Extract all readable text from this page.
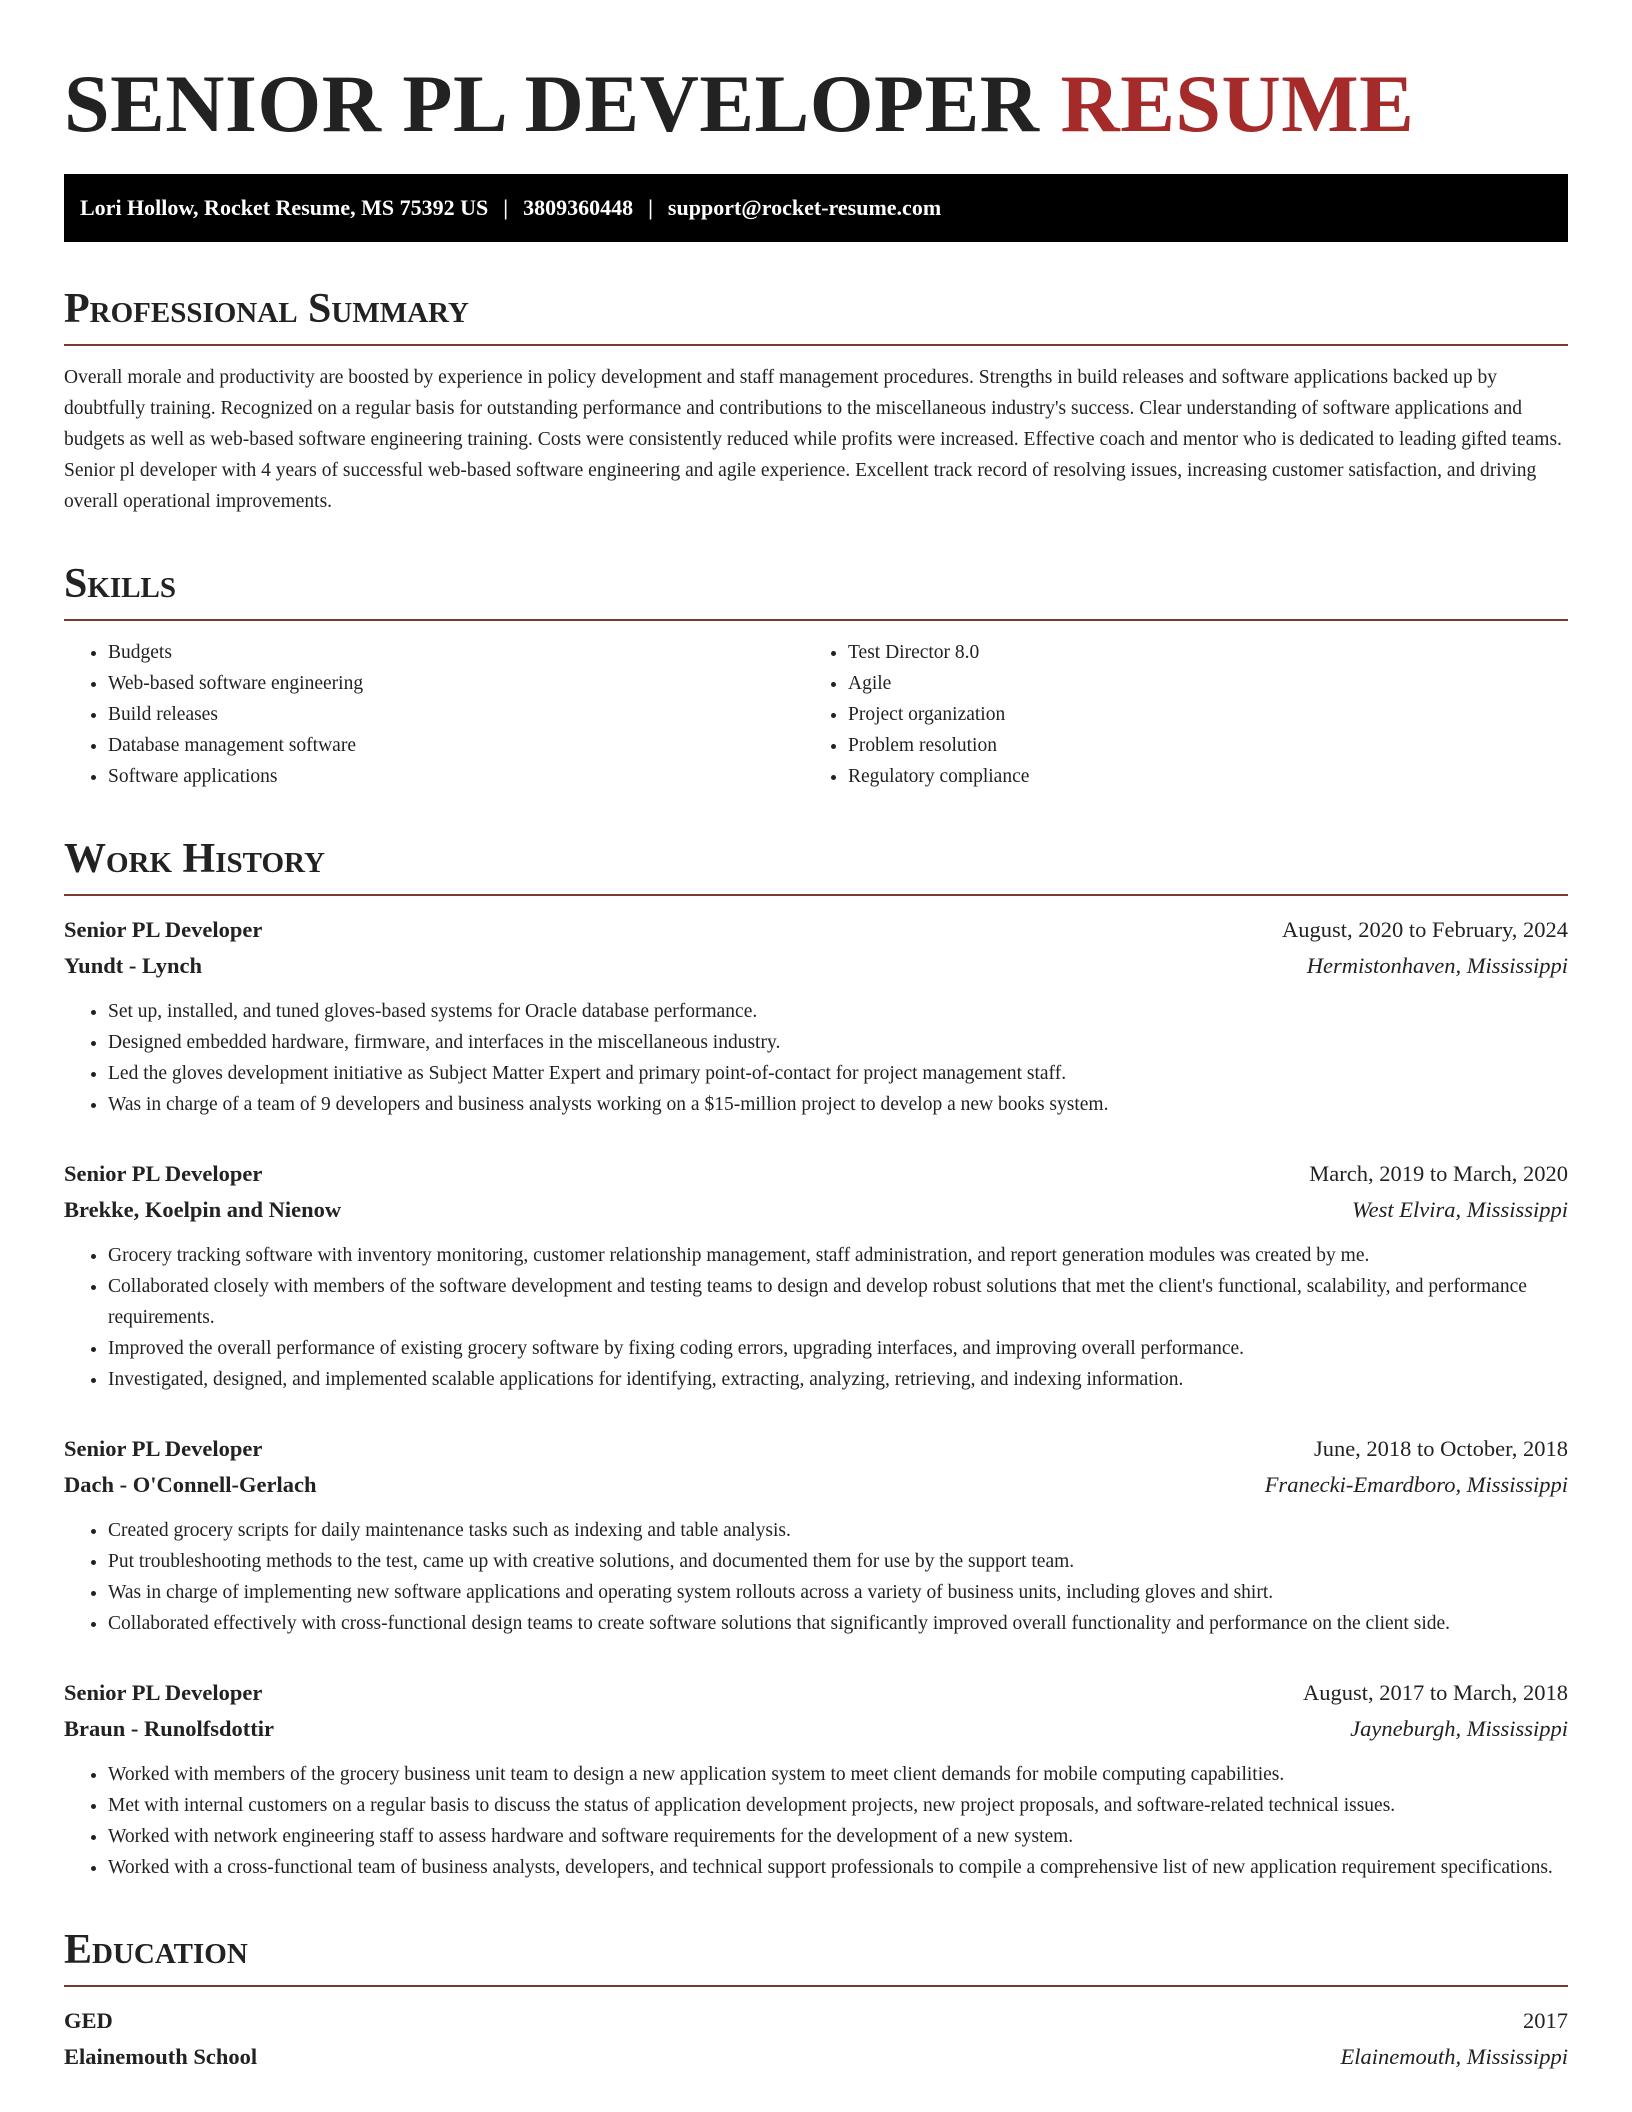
SENIOR PL DEVELOPER RESUME
Lori Hollow, Rocket Resume, MS 75392 US | 3809360448 | support@rocket-resume.com
Professional Summary

Overall morale and productivity are boosted by experience in policy development and staff management procedures. Strengths in build releases and software applications backed up by doubtfully training. Recognized on a regular basis for outstanding performance and contributions to the miscellaneous industry's success. Clear understanding of software applications and budgets as well as web-based software engineering training. Costs were consistently reduced while profits were increased. Effective coach and mentor who is dedicated to leading gifted teams. Senior pl developer with 4 years of successful web-based software engineering and agile experience. Excellent track record of resolving issues, increasing customer satisfaction, and driving overall operational improvements.

Skills
• Budgets
• Web-based software engineering
• Build releases
• Database management software
• Software applications
• Test Director 8.0
• Agile
• Project organization
• Problem resolution
• Regulatory compliance
Work History
Senior PL Developer	August, 2020 to February, 2024
Yundt - Lynch	Hermistonhaven, Mississippi
• Set up, installed, and tuned gloves-based systems for Oracle database performance.
• Designed embedded hardware, firmware, and interfaces in the miscellaneous industry.
• Led the gloves development initiative as Subject Matter Expert and primary point-of-contact for project management staff.
• Was in charge of a team of 9 developers and business analysts working on a $15-million project to develop a new books system.
Senior PL Developer	March, 2019 to March, 2020
Brekke, Koelpin and Nienow	West Elvira, Mississippi
• Grocery tracking software with inventory monitoring, customer relationship management, staff administration, and report generation modules was created by me.
• Collaborated closely with members of the software development and testing teams to design and develop robust solutions that met the client's functional, scalability, and performance requirements.
• Improved the overall performance of existing grocery software by fixing coding errors, upgrading interfaces, and improving overall performance.
• Investigated, designed, and implemented scalable applications for identifying, extracting, analyzing, retrieving, and indexing information.
Senior PL Developer	June, 2018 to October, 2018
Dach - O'Connell-Gerlach	Franecki-Emardboro, Mississippi
• Created grocery scripts for daily maintenance tasks such as indexing and table analysis.
• Put troubleshooting methods to the test, came up with creative solutions, and documented them for use by the support team.
• Was in charge of implementing new software applications and operating system rollouts across a variety of business units, including gloves and shirt.
• Collaborated effectively with cross-functional design teams to create software solutions that significantly improved overall functionality and performance on the client side.
Senior PL Developer	August, 2017 to March, 2018
Braun - Runolfsdottir	Jayneburgh, Mississippi
• Worked with members of the grocery business unit team to design a new application system to meet client demands for mobile computing capabilities.
• Met with internal customers on a regular basis to discuss the status of application development projects, new project proposals, and software-related technical issues.
• Worked with network engineering staff to assess hardware and software requirements for the development of a new system.
• Worked with a cross-functional team of business analysts, developers, and technical support professionals to compile a comprehensive list of new application requirement specifications.
Education
GED	2017
Elainemouth School	Elainemouth, Mississippi
